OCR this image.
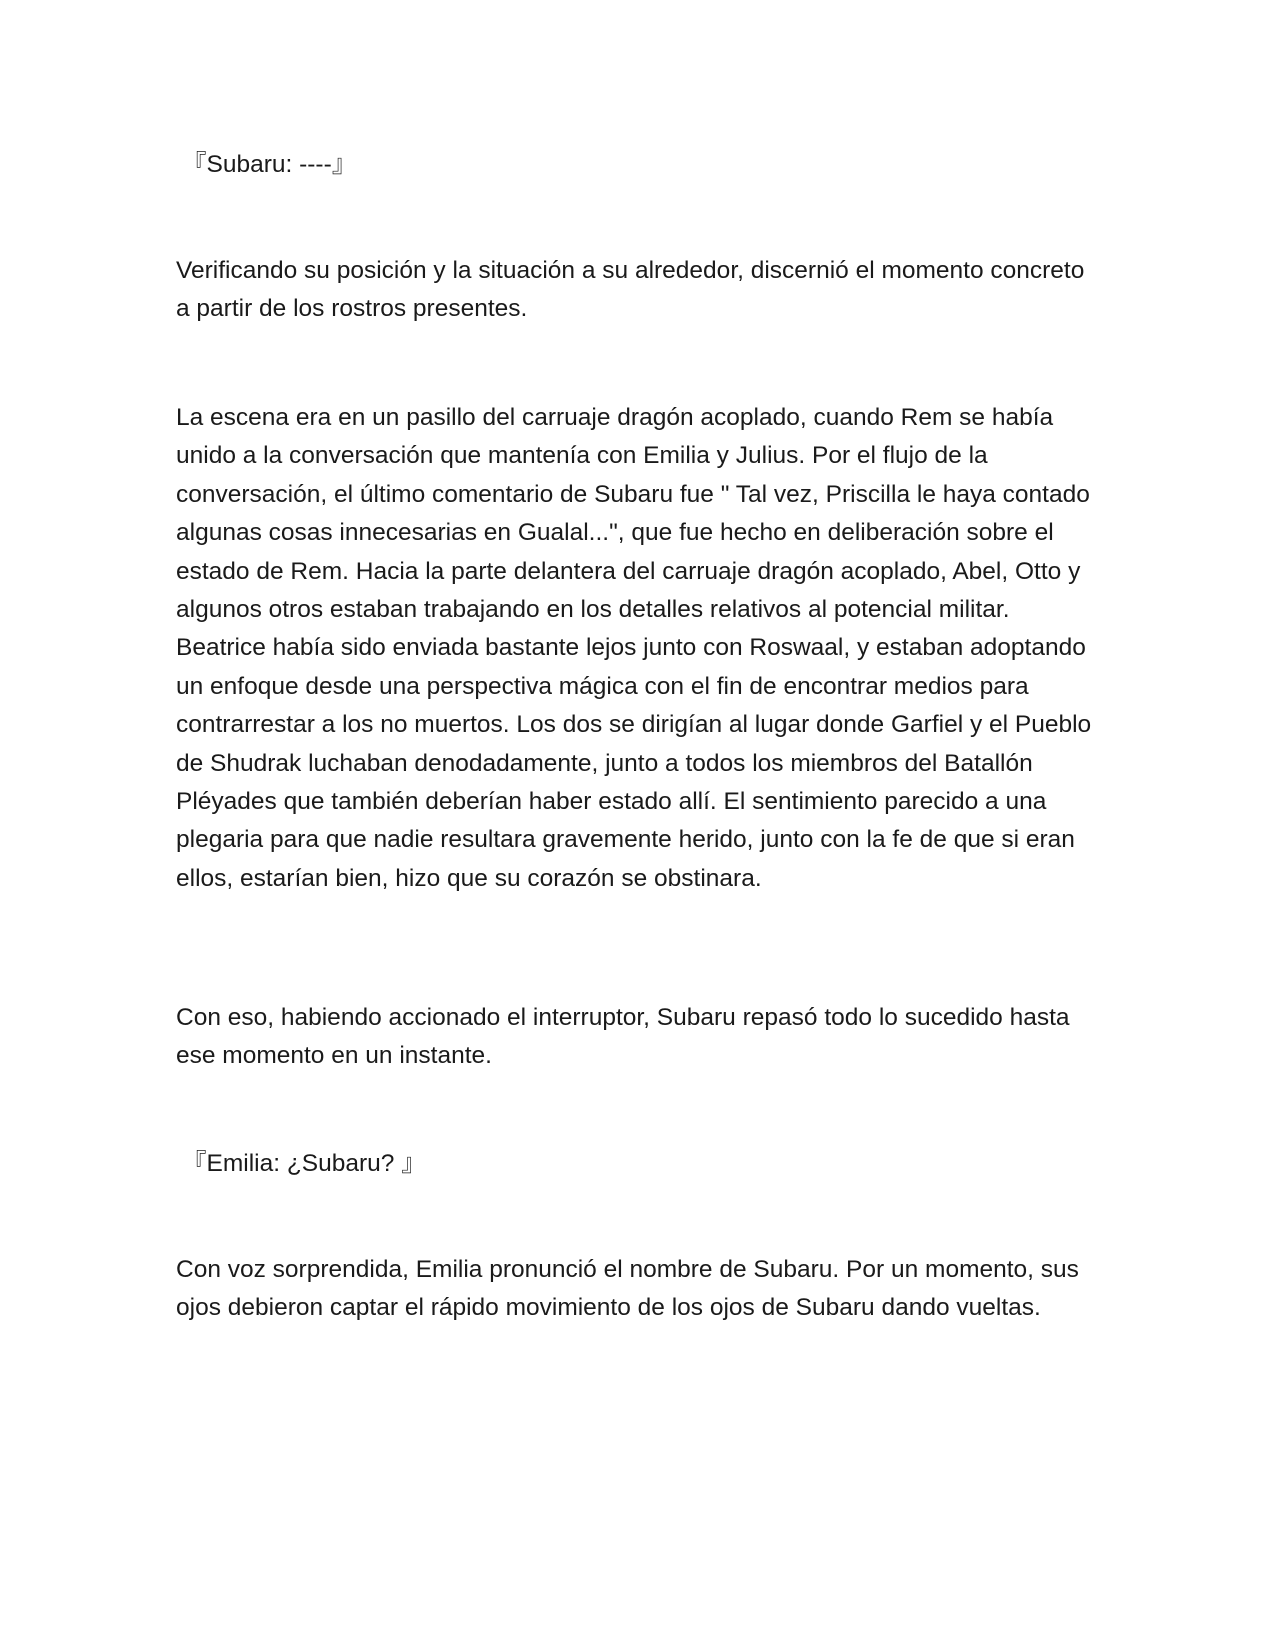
『Subaru: ----』

Verificando su posición y la situación a su alrededor, discernió el momento concreto a partir de los rostros presentes.

La escena era en un pasillo del carruaje dragón acoplado, cuando Rem se había unido a la conversación que mantenía con Emilia y Julius. Por el flujo de la conversación, el último comentario de Subaru fue " Tal vez, Priscilla le haya contado algunas cosas innecesarias en Gualal...", que fue hecho en deliberación sobre el estado de Rem. Hacia la parte delantera del carruaje dragón acoplado, Abel, Otto y algunos otros estaban trabajando en los detalles relativos al potencial militar. Beatrice había sido enviada bastante lejos junto con Roswaal, y estaban adoptando un enfoque desde una perspectiva mágica con el fin de encontrar medios para contrarrestar a los no muertos. Los dos se dirigían al lugar donde Garfiel y el Pueblo de Shudrak luchaban denodadamente, junto a todos los miembros del Batallón Pléyades que también deberían haber estado allí. El sentimiento parecido a una plegaria para que nadie resultara gravemente herido, junto con la fe de que si eran ellos, estarían bien, hizo que su corazón se obstinara.

Con eso, habiendo accionado el interruptor, Subaru repasó todo lo sucedido hasta ese momento en un instante.

『Emilia: ¿Subaru? 』

Con voz sorprendida, Emilia pronunció el nombre de Subaru. Por un momento, sus ojos debieron captar el rápido movimiento de los ojos de Subaru dando vueltas.
